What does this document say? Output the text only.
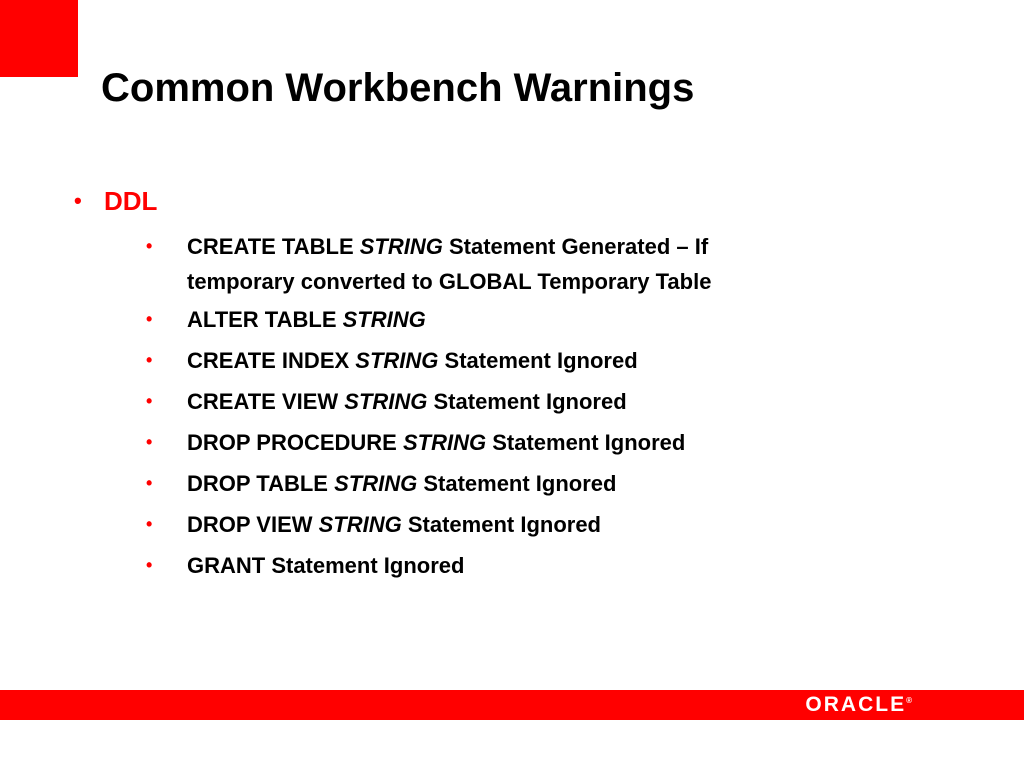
Common Workbench Warnings
• DDL
• CREATE TABLE STRING Statement Generated – If
temporary converted to GLOBAL Temporary Table
• ALTER TABLE STRING
• CREATE INDEX STRING Statement Ignored
• CREATE VIEW STRING Statement Ignored
• DROP PROCEDURE STRING Statement Ignored
• DROP TABLE STRING Statement Ignored
• DROP VIEW STRING Statement Ignored
• GRANT Statement Ignored
ORACLE®
